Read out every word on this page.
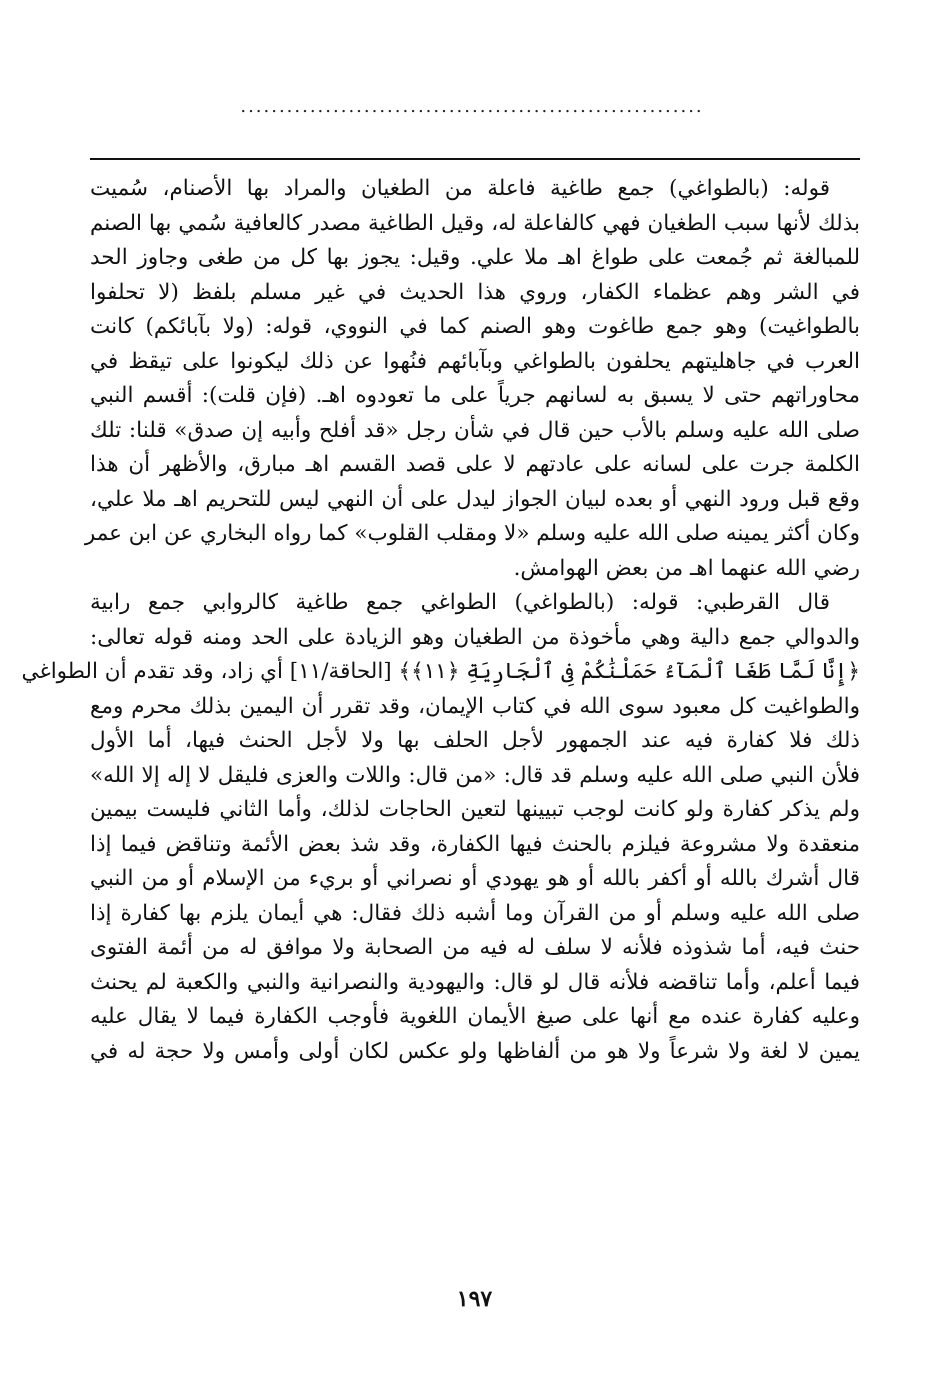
............................................................
قوله: (بالطواغي) جمع طاغية فاعلة من الطغيان والمراد بها الأصنام، سُميت
بذلك لأنها سبب الطغيان فهي كالفاعلة له، وقيل الطاغية مصدر كالعافية سُمي بها الصنم
للمبالغة ثم جُمعت على طواغ اهـ ملا علي. وقيل: يجوز بها كل من طغى وجاوز الحد
في الشر وهم عظماء الكفار، وروي هذا الحديث في غير مسلم بلفظ (لا تحلفوا
بالطواغيت) وهو جمع طاغوت وهو الصنم كما في النووي، قوله: (ولا بآبائكم) كانت
العرب في جاهليتهم يحلفون بالطواغي وبآبائهم فنُهوا عن ذلك ليكونوا على تيقظ في
محاوراتهم حتى لا يسبق به لسانهم جرياً على ما تعودوه اهـ. (فإن قلت): أقسم النبي
صلى الله عليه وسلم بالأب حين قال في شأن رجل «قد أفلح وأبيه إن صدق» قلنا: تلك
الكلمة جرت على لسانه على عادتهم لا على قصد القسم اهـ مبارق، والأظهر أن هذا
وقع قبل ورود النهي أو بعده لبيان الجواز ليدل على أن النهي ليس للتحريم اهـ ملا علي،
وكان أكثر يمينه صلى الله عليه وسلم «لا ومقلب القلوب» كما رواه البخاري عن ابن عمر
رضي الله عنهما اهـ من بعض الهوامش.
قال القرطبي: قوله: (بالطواغي) الطواغي جمع طاغية كالروابي جمع رابية
والدوالي جمع دالية وهي مأخوذة من الطغيان وهو الزيادة على الحد ومنه قوله تعالى:
﴿إِنَّا لَمَّا طَغَا ٱلْمَآءُ حَمَلْنَٰكُمْ فِى ٱلْجَارِيَةِ ﴿١١﴾﴾ [الحاقة/١١] أي زاد، وقد تقدم أن الطواغي
والطواغيت كل معبود سوى الله في كتاب الإيمان، وقد تقرر أن اليمين بذلك محرم ومع
ذلك فلا كفارة فيه عند الجمهور لأجل الحلف بها ولا لأجل الحنث فيها، أما الأول
فلأن النبي صلى الله عليه وسلم قد قال: «من قال: واللات والعزى فليقل لا إله إلا الله»
ولم يذكر كفارة ولو كانت لوجب تبيينها لتعين الحاجات لذلك، وأما الثاني فليست بيمين
منعقدة ولا مشروعة فيلزم بالحنث فيها الكفارة، وقد شذ بعض الأئمة وتناقض فيما إذا
قال أشرك بالله أو أكفر بالله أو هو يهودي أو نصراني أو بريء من الإسلام أو من النبي
صلى الله عليه وسلم أو من القرآن وما أشبه ذلك فقال: هي أيمان يلزم بها كفارة إذا
حنث فيه، أما شذوذه فلأنه لا سلف له فيه من الصحابة ولا موافق له من أئمة الفتوى
فيما أعلم، وأما تناقضه فلأنه قال لو قال: واليهودية والنصرانية والنبي والكعبة لم يحنث
وعليه كفارة عنده مع أنها على صيغ الأيمان اللغوية فأوجب الكفارة فيما لا يقال عليه
يمين لا لغة ولا شرعاً ولا هو من ألفاظها ولو عكس لكان أولى وأمس ولا حجة له في
١٩٧
